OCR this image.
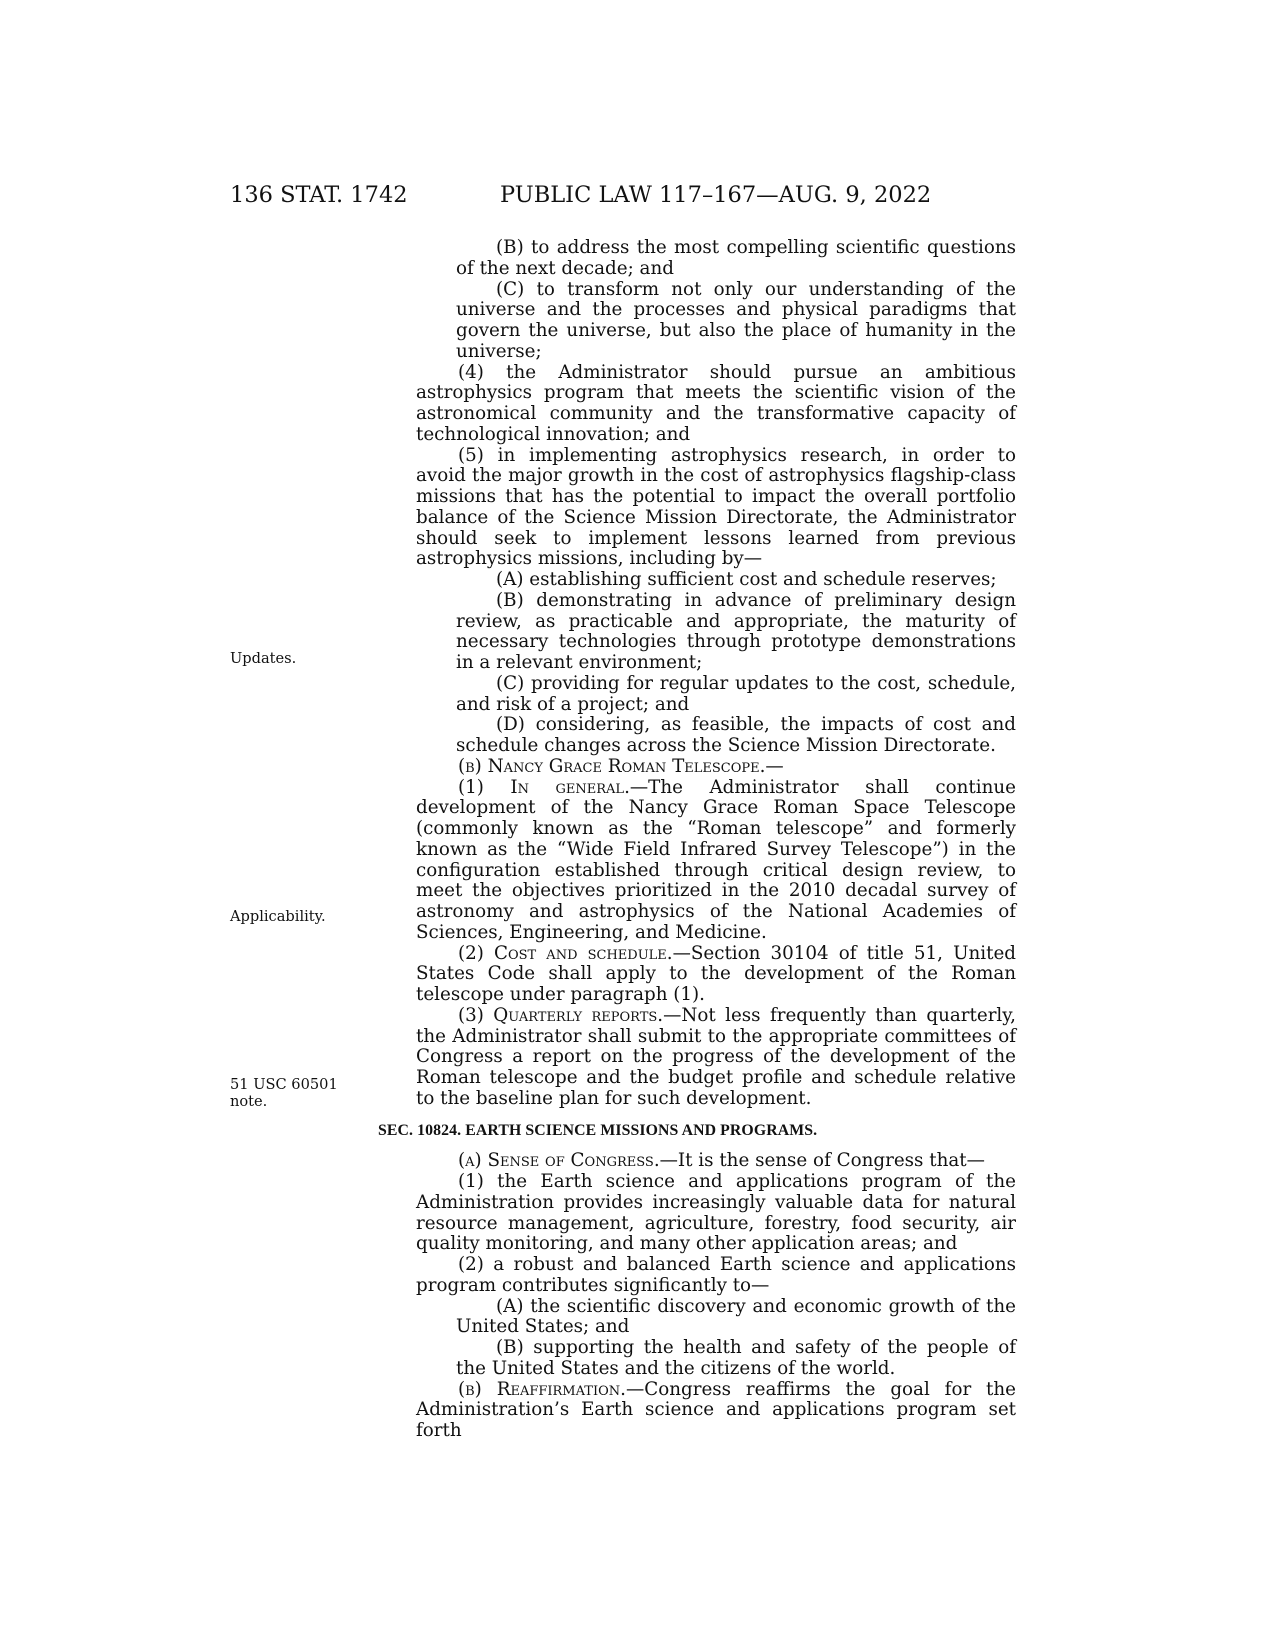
136 STAT. 1742	PUBLIC LAW 117–167—AUG. 9, 2022
Updates.
Applicability.
51 USC 60501
note.

(B) to address the most compelling scientific questions of the next decade; and

(C) to transform not only our understanding of the universe and the processes and physical paradigms that govern the universe, but also the place of humanity in the universe;

(4) the Administrator should pursue an ambitious astrophysics program that meets the scientific vision of the astronomical community and the transformative capacity of technological innovation; and

(5) in implementing astrophysics research, in order to avoid the major growth in the cost of astrophysics flagship-class missions that has the potential to impact the overall portfolio balance of the Science Mission Directorate, the Administrator should seek to implement lessons learned from previous astrophysics missions, including by—

(A) establishing sufficient cost and schedule reserves;

(B) demonstrating in advance of preliminary design review, as practicable and appropriate, the maturity of necessary technologies through prototype demonstrations in a relevant environment;

(C) providing for regular updates to the cost, schedule, and risk of a project; and

(D) considering, as feasible, the impacts of cost and schedule changes across the Science Mission Directorate.

(b) Nancy Grace Roman Telescope.—

(1) In general.—The Administrator shall continue development of the Nancy Grace Roman Space Telescope (commonly known as the “Roman telescope” and formerly known as the “Wide Field Infrared Survey Telescope”) in the configuration established through critical design review, to meet the objectives prioritized in the 2010 decadal survey of astronomy and astrophysics of the National Academies of Sciences, Engineering, and Medicine.

(2) Cost and schedule.—Section 30104 of title 51, United States Code shall apply to the development of the Roman telescope under paragraph (1).

(3) Quarterly reports.—Not less frequently than quarterly, the Administrator shall submit to the appropriate committees of Congress a report on the progress of the development of the Roman telescope and the budget profile and schedule relative to the baseline plan for such development.

SEC. 10824. EARTH SCIENCE MISSIONS AND PROGRAMS.

(a) Sense of Congress.—It is the sense of Congress that—

(1) the Earth science and applications program of the Administration provides increasingly valuable data for natural resource management, agriculture, forestry, food security, air quality monitoring, and many other application areas; and

(2) a robust and balanced Earth science and applications program contributes significantly to—

(A) the scientific discovery and economic growth of the United States; and

(B) supporting the health and safety of the people of the United States and the citizens of the world.

(b) Reaffirmation.—Congress reaffirms the goal for the Administration’s Earth science and applications program set forth
